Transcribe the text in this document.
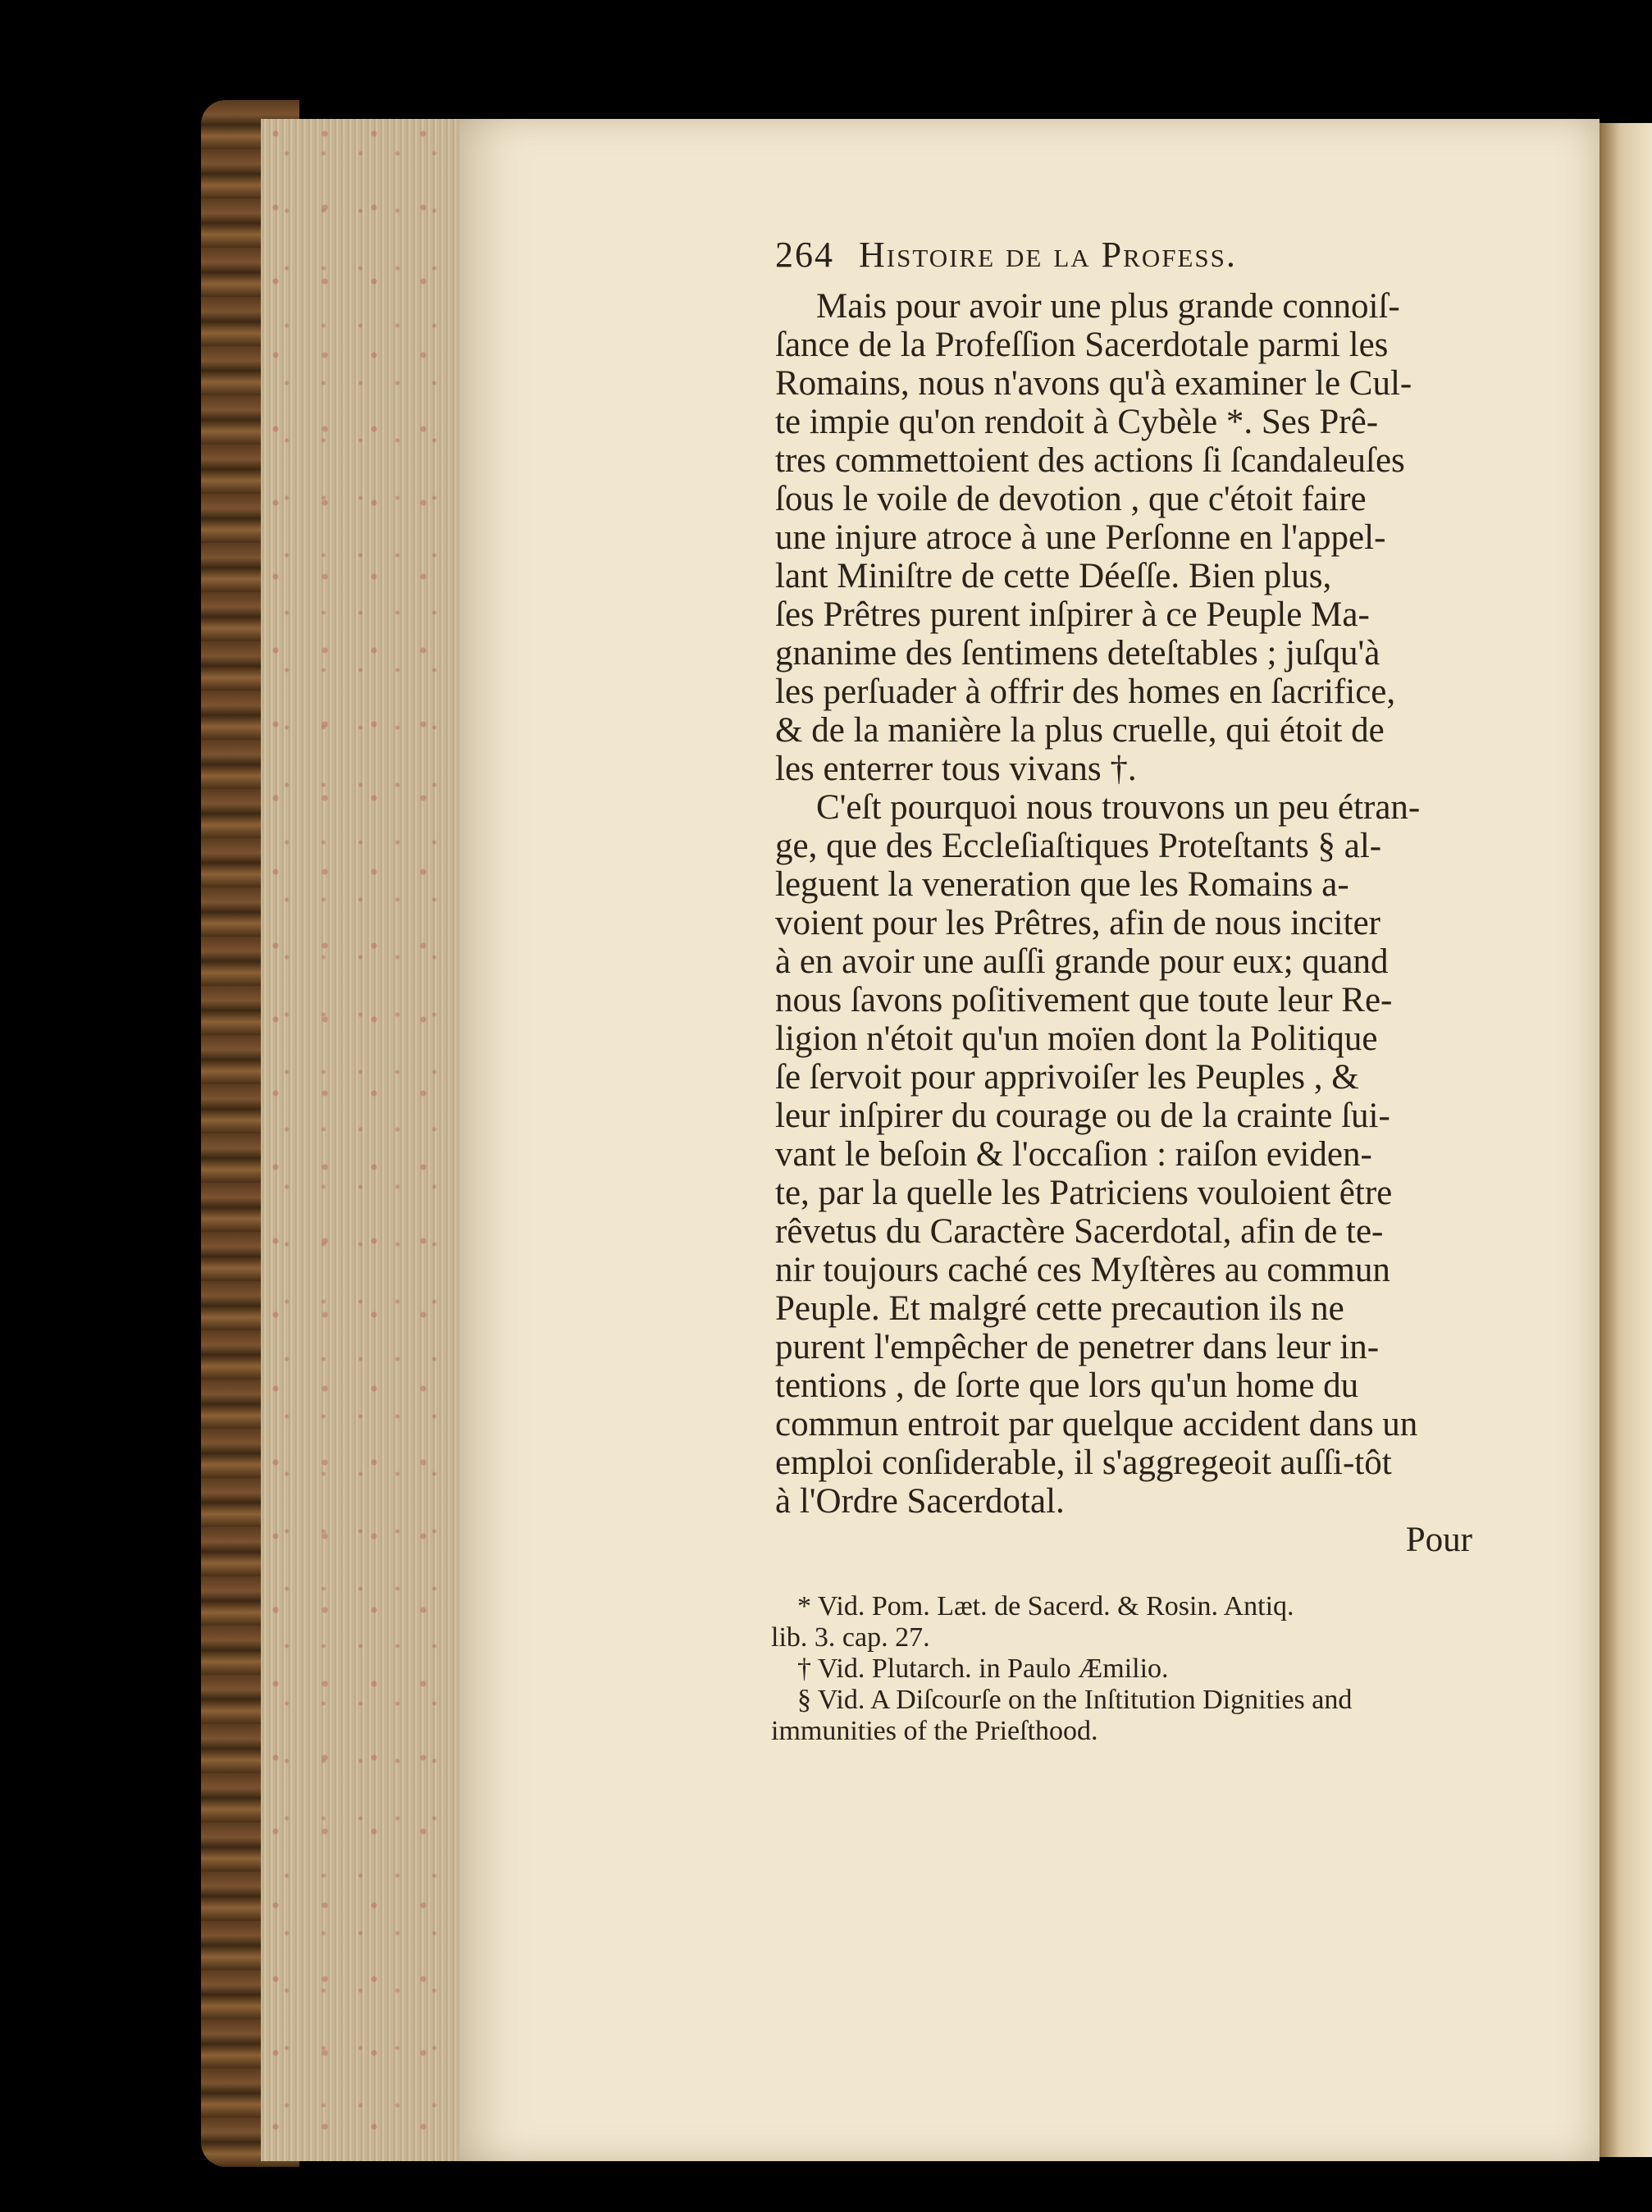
264 Histoire de la Profess.
Mais pour avoir une plus grande connoiſ-
ſance de la Profeſſion Sacerdotale parmi les
Romains, nous n'avons qu'à examiner le Cul-
te impie qu'on rendoit à Cybèle *. Ses Prê-
tres commettoient des actions ſi ſcandaleuſes
ſous le voile de devotion , que c'étoit faire
une injure atroce à une Perſonne en l'appel-
lant Miniſtre de cette Déeſſe. Bien plus,
ſes Prêtres purent inſpirer à ce Peuple Ma-
gnanime des ſentimens deteſtables ; juſqu'à
les perſuader à offrir des homes en ſacrifice,
& de la manière la plus cruelle, qui étoit de
les enterrer tous vivans †.
C'eſt pourquoi nous trouvons un peu étran-
ge, que des Eccleſiaſtiques Proteſtants § al-
leguent la veneration que les Romains a-
voient pour les Prêtres, afin de nous inciter
à en avoir une auſſi grande pour eux; quand
nous ſavons poſitivement que toute leur Re-
ligion n'étoit qu'un moïen dont la Politique
ſe ſervoit pour apprivoiſer les Peuples , &
leur inſpirer du courage ou de la crainte ſui-
vant le beſoin & l'occaſion : raiſon eviden-
te, par la quelle les Patriciens vouloient être
rêvetus du Caractère Sacerdotal, afin de te-
nir toujours caché ces Myſtères au commun
Peuple. Et malgré cette precaution ils ne
purent l'empêcher de penetrer dans leur in-
tentions , de ſorte que lors qu'un home du
commun entroit par quelque accident dans un
emploi conſiderable, il s'aggregeoit auſſi-tôt
à l'Ordre Sacerdotal.
Pour
* Vid. Pom. Læt. de Sacerd. & Rosin. Antiq.
lib. 3. cap. 27.
† Vid. Plutarch. in Paulo Æmilio.
§ Vid. A Diſcourſe on the Inſtitution Dignities and
immunities of the Prieſthood.
